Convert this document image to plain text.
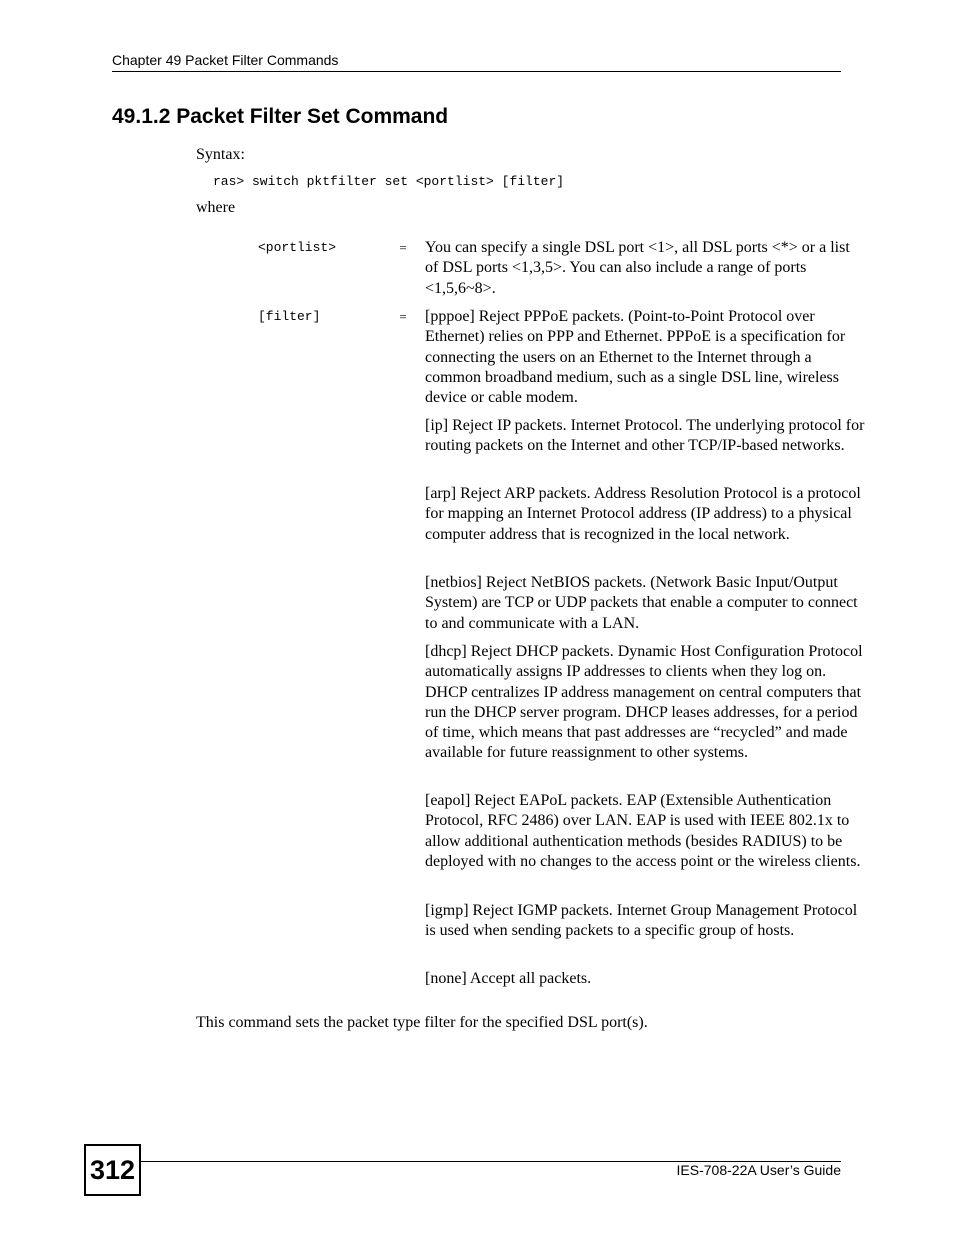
Chapter 49 Packet Filter Commands
49.1.2 Packet Filter Set Command
Syntax:
ras> switch pktfilter set <portlist> [filter]
where
<portlist>	= You can specify a single DSL port <1>, all DSL ports <*> or a list of DSL ports <1,3,5>. You can also include a range of ports <1,5,6~8>.

[filter]	= [pppoe] Reject PPPoE packets. (Point-to-Point Protocol over Ethernet) relies on PPP and Ethernet. PPPoE is a specification for connecting the users on an Ethernet to the Internet through a common broadband medium, such as a single DSL line, wireless device or cable modem.

[ip] Reject IP packets. Internet Protocol. The underlying protocol for routing packets on the Internet and other TCP/IP-based networks.

[arp] Reject ARP packets. Address Resolution Protocol is a protocol for mapping an Internet Protocol address (IP address) to a physical computer address that is recognized in the local network.

[netbios] Reject NetBIOS packets. (Network Basic Input/Output System) are TCP or UDP packets that enable a computer to connect to and communicate with a LAN.

[dhcp] Reject DHCP packets. Dynamic Host Configuration Protocol automatically assigns IP addresses to clients when they log on. DHCP centralizes IP address management on central computers that run the DHCP server program. DHCP leases addresses, for a period of time, which means that past addresses are “recycled” and made available for future reassignment to other systems.

[eapol] Reject EAPoL packets. EAP (Extensible Authentication Protocol, RFC 2486) over LAN. EAP is used with IEEE 802.1x to allow additional authentication methods (besides RADIUS) to be deployed with no changes to the access point or the wireless clients.

[igmp] Reject IGMP packets. Internet Group Management Protocol is used when sending packets to a specific group of hosts.

[none] Accept all packets.

This command sets the packet type filter for the specified DSL port(s).
312	IES-708-22A User’s Guide
